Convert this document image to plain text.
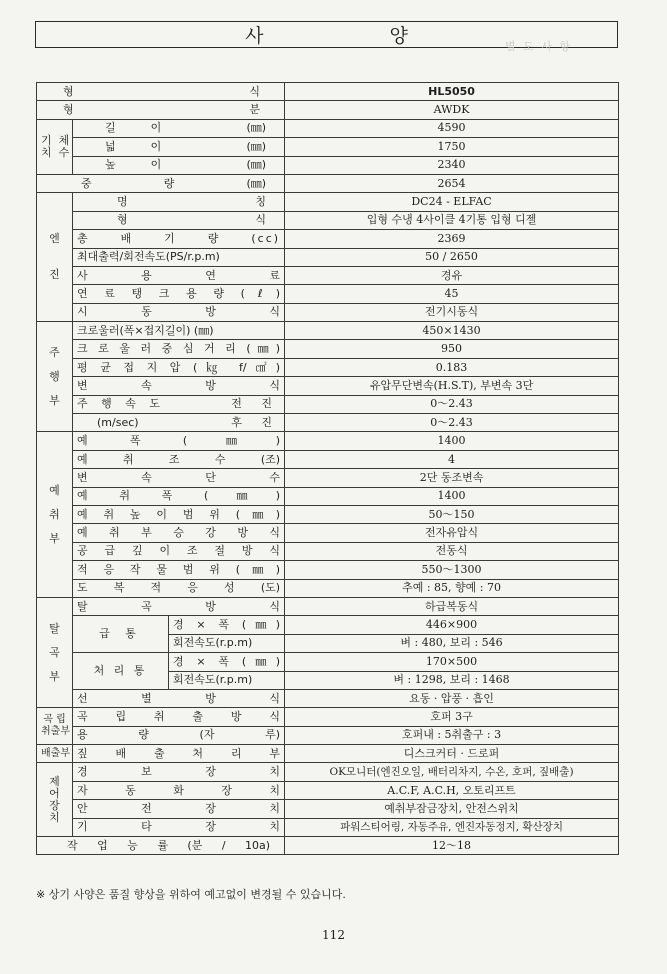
사 양	별 도 사 항
형 식			HL5050

형 분			AWDK

기 체
치 수	길          이 (㎜)		4590

	넓          이 (㎜)		1750

	높          이 (㎜)		2340

중 량 (㎜)			2654

엔

진	명 칭		DC24 - ELFAC

	형 식		입형 수냉 4사이클 4기통 입형 디젤
	총 배 기 량 (cc)		2369
	최대출력/회전속도(PS/r.p.m)		50 / 2650
	사 용 연 료		경유
	연 료 탱 크 용 량 (ℓ)		45
	시 동 방 식		전기시동식

주

행

부	크로울러(폭×접지길이) (㎜)		450×1430
	크 로 울 러 중 심 거 리 (㎜)		950
	평 균 접 지 압 (㎏ f/㎠)		0.183
	변 속 방 식		유압무단변속(H.S.T), 부변속 3단

	주 행 속 도 전 진		0～2.43

	(m/sec) 후 진		0～2.43

예

취

부	예 폭 (㎜)		1400
	예 취 조 수 (조)		4
	변 속 단 수		2단 동조변속
	예 취 폭 (㎜)		1400
	예 취 높 이 범 위 (㎜)		50～150
	예 취 부 승 강 방 식		전자유압식
	공 급 깊 이 조 절 방 식		전동식
	적 응 작 물 범 위 (㎜)		550～1300
	도 복 적 응 성 (도)		추예 : 85, 향예 : 70

탈

곡

부	탈 곡 방 식		하급복동식
	급 통	경 × 폭 (㎜)	446×900
		회전속도(r.p.m)	벼 : 480, 보리 : 546
	처 리 통	경 × 폭 (㎜)	170×500
		회전속도(r.p.m)	벼 : 1298, 보리 : 1468
	선 별 방 식		요동 · 압풍 · 흡인

곡 립
취출부	곡 립 취 출 방 식		호퍼 3구
	용 량 (자 루)		호퍼내 : 5취출구 : 3
배출부	짚 배 출 처 리 부		디스크커터 · 드로퍼

제
어
장
치	경 보 장 치		OK모니터(엔진오일, 배터리차지, 수온, 호퍼, 짚배출)
	자 동 화 장 치		A.C.F, A.C.H, 오토리프트
	안 전 장 치		예취부잠금장치, 안전스위치
	기 타 장 치		파워스티어링, 자동주유, 엔진자동정지, 확산장치
작 업 능 률 (분 / 10a)			12～18
※ 상기 사양은 품질 향상을 위하여 예고없이 변경될 수 있습니다.
112
